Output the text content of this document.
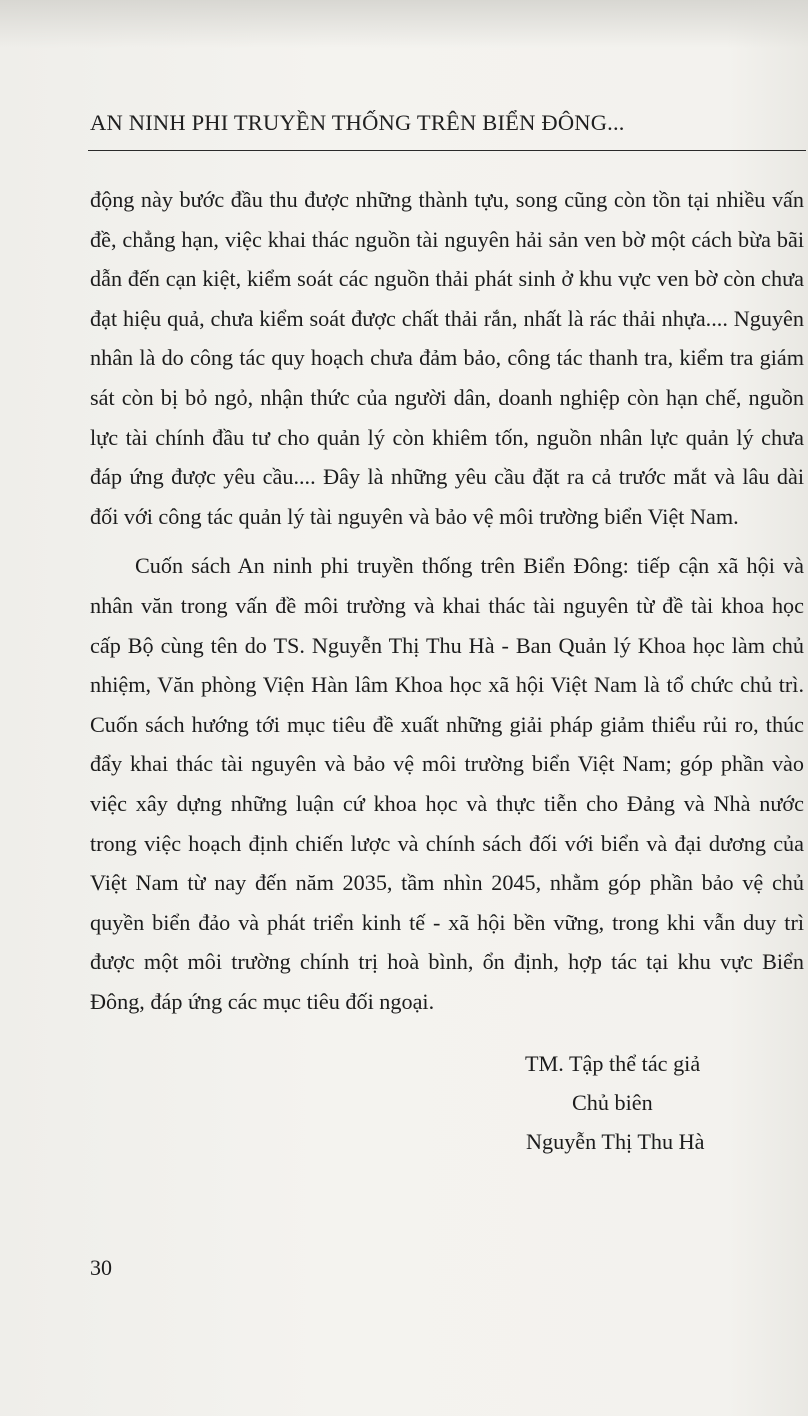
AN NINH PHI TRUYỀN THỐNG TRÊN BIỂN ĐÔNG...

động này bước đầu thu được những thành tựu, song cũng còn tồn tại nhiều vấn đề, chẳng hạn, việc khai thác nguồn tài nguyên hải sản ven bờ một cách bừa bãi dẫn đến cạn kiệt, kiểm soát các nguồn thải phát sinh ở khu vực ven bờ còn chưa đạt hiệu quả, chưa kiểm soát được chất thải rắn, nhất là rác thải nhựa.... Nguyên nhân là do công tác quy hoạch chưa đảm bảo, công tác thanh tra, kiểm tra giám sát còn bị bỏ ngỏ, nhận thức của người dân, doanh nghiệp còn hạn chế, nguồn lực tài chính đầu tư cho quản lý còn khiêm tốn, nguồn nhân lực quản lý chưa đáp ứng được yêu cầu.... Đây là những yêu cầu đặt ra cả trước mắt và lâu dài đối với công tác quản lý tài nguyên và bảo vệ môi trường biển Việt Nam.

Cuốn sách An ninh phi truyền thống trên Biển Đông: tiếp cận xã hội và nhân văn trong vấn đề môi trường và khai thác tài nguyên từ đề tài khoa học cấp Bộ cùng tên do TS. Nguyễn Thị Thu Hà - Ban Quản lý Khoa học làm chủ nhiệm, Văn phòng Viện Hàn lâm Khoa học xã hội Việt Nam là tổ chức chủ trì. Cuốn sách hướng tới mục tiêu đề xuất những giải pháp giảm thiểu rủi ro, thúc đẩy khai thác tài nguyên và bảo vệ môi trường biển Việt Nam; góp phần vào việc xây dựng những luận cứ khoa học và thực tiễn cho Đảng và Nhà nước trong việc hoạch định chiến lược và chính sách đối với biển và đại dương của Việt Nam từ nay đến năm 2035, tầm nhìn 2045, nhằm góp phần bảo vệ chủ quyền biển đảo và phát triển kinh tế - xã hội bền vững, trong khi vẫn duy trì được một môi trường chính trị hoà bình, ổn định, hợp tác tại khu vực Biển Đông, đáp ứng các mục tiêu đối ngoại.

TM. Tập thể tác giả
Chủ biên
Nguyễn Thị Thu Hà
30
